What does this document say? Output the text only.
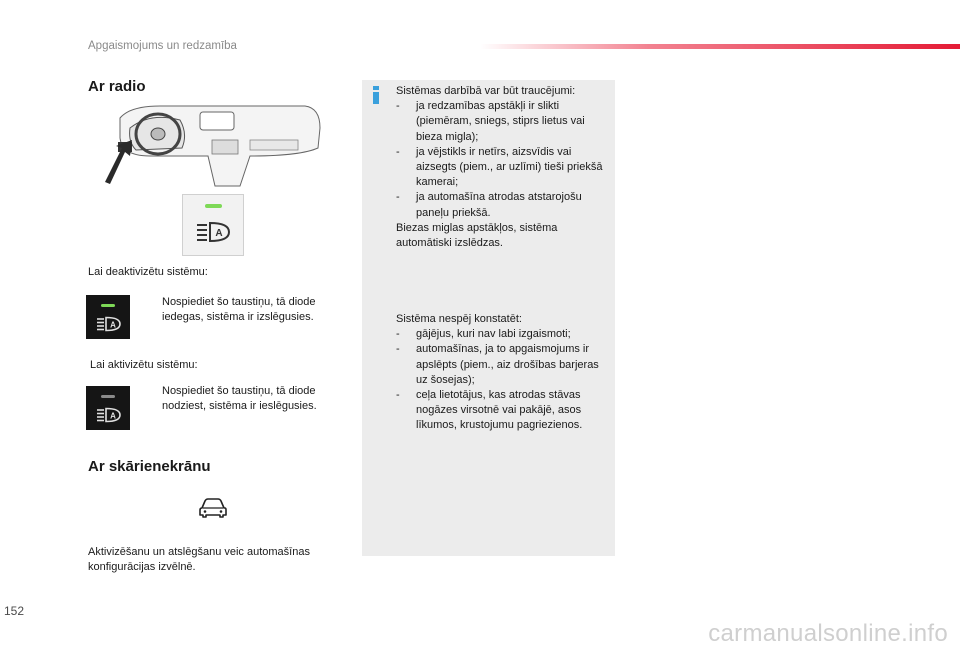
Apgaismojums un redzamība
Ar radio
A
Lai deaktivizētu sistēmu:
A
Nospiediet šo taustiņu, tā diode iedegas, sistēma ir izslēgusies.
Lai aktivizētu sistēmu:
A
Nospiediet šo taustiņu, tā diode nodziest, sistēma ir ieslēgusies.
Ar skārienekrānu
Aktivizēšanu un atslēgšanu veic automašīnas konfigurācijas izvēlnē.
Sistēmas darbībā var būt traucējumi:
- ja redzamības apstākļi ir slikti (piemēram, sniegs, stiprs lietus vai bieza migla);
- ja vējstikls ir netīrs, aizsvīdis vai aizsegts (piem., ar uzlīmi) tieši priekšā kamerai;
- ja automašīna atrodas atstarojošu paneļu priekšā.
Biezas miglas apstākļos, sistēma automātiski izslēdzas.
Sistēma nespēj konstatēt:
- gājējus, kuri nav labi izgaismoti;
- automašīnas, ja to apgaismojums ir apslēpts (piem., aiz drošības barjeras uz šosejas);
- ceļa lietotājus, kas atrodas stāvas nogāzes virsotnē vai pakājē, asos līkumos, krustojumu pagriezienos.
152
carmanualsonline.info
